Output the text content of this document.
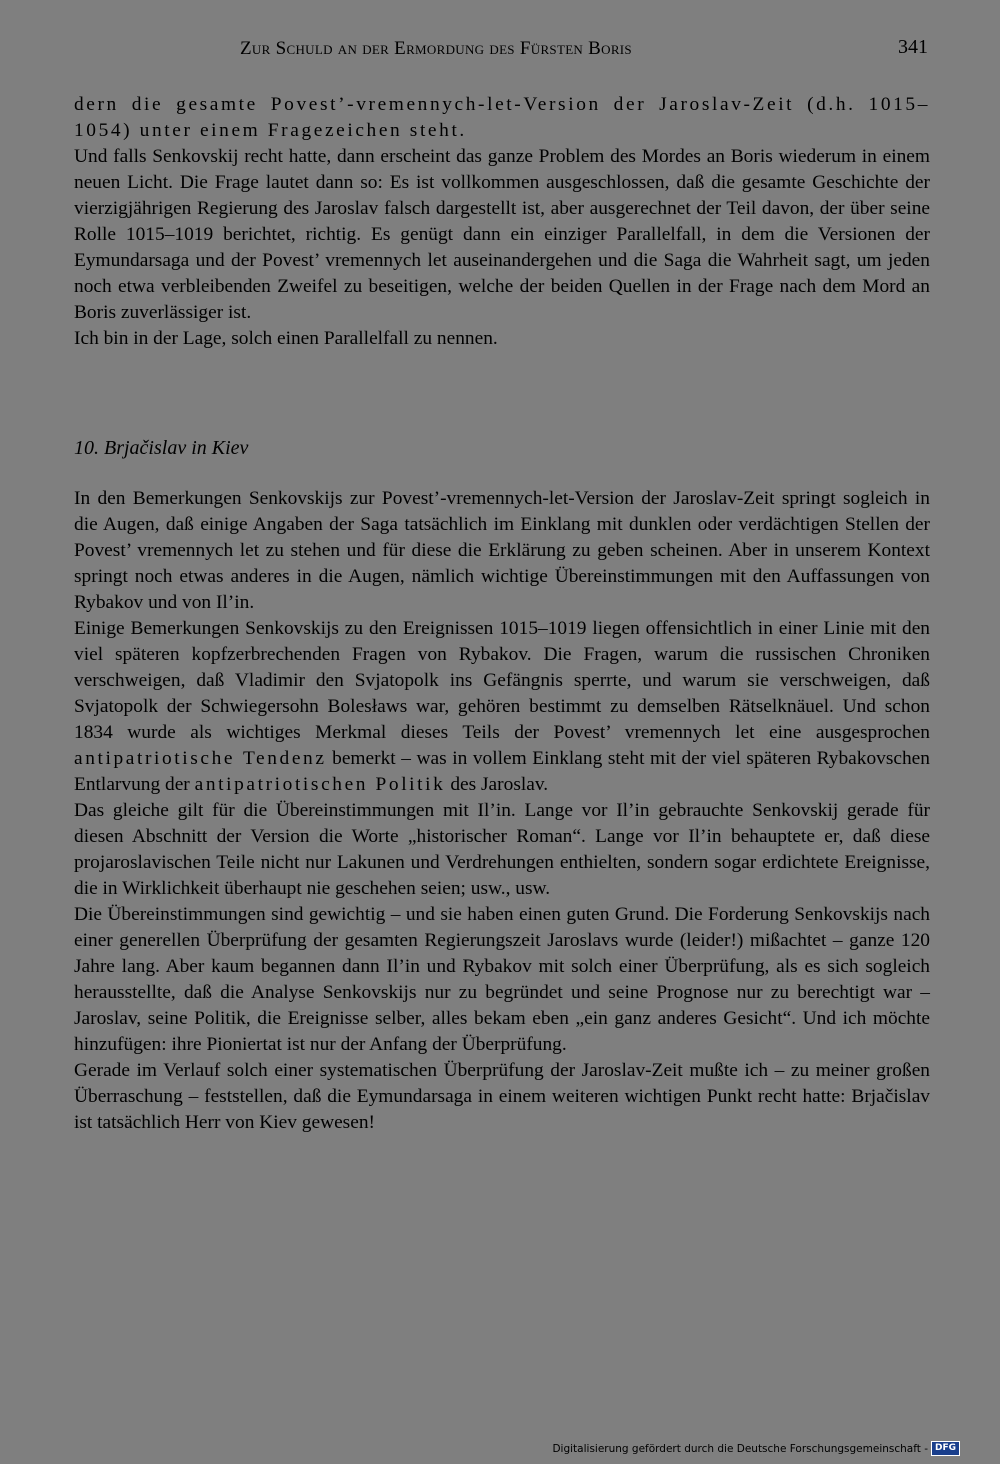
Zur Schuld an der Ermordung des Fürsten Boris	341

dern die gesamte Povest’-vremennych-let-Version der Jaroslav-Zeit (d.h. 1015–1054) unter einem Fragezeichen steht.

Und falls Senkovskij recht hatte, dann erscheint das ganze Problem des Mordes an Boris wiederum in einem neuen Licht. Die Frage lautet dann so: Es ist vollkommen ausgeschlossen, daß die gesamte Geschichte der vierzigjährigen Regierung des Jaroslav falsch dargestellt ist, aber ausgerechnet der Teil davon, der über seine Rolle 1015–1019 berichtet, richtig. Es genügt dann ein einziger Parallelfall, in dem die Versionen der Eymundarsaga und der Povest’ vremennych let auseinandergehen und die Saga die Wahrheit sagt, um jeden noch etwa verbleibenden Zweifel zu beseitigen, welche der beiden Quellen in der Frage nach dem Mord an Boris zuverlässiger ist.

Ich bin in der Lage, solch einen Parallelfall zu nennen.

10. Brjačislav in Kiev

In den Bemerkungen Senkovskijs zur Povest’-vremennych-let-Version der Jaroslav-Zeit springt sogleich in die Augen, daß einige Angaben der Saga tatsächlich im Einklang mit dunklen oder verdächtigen Stellen der Povest’ vremennych let zu stehen und für diese die Erklärung zu geben scheinen. Aber in unserem Kontext springt noch etwas anderes in die Augen, nämlich wichtige Übereinstimmungen mit den Auffassungen von Rybakov und von Il’in.

Einige Bemerkungen Senkovskijs zu den Ereignissen 1015–1019 liegen offensichtlich in einer Linie mit den viel späteren kopfzerbrechenden Fragen von Rybakov. Die Fragen, warum die russischen Chroniken verschweigen, daß Vladimir den Svjatopolk ins Gefängnis sperrte, und warum sie verschweigen, daß Svjatopolk der Schwiegersohn Bolesławs war, gehören bestimmt zu demselben Rätselknäuel. Und schon 1834 wurde als wichtiges Merkmal dieses Teils der Povest’ vremennych let eine ausgesprochen antipatriotische Tendenz bemerkt – was in vollem Einklang steht mit der viel späteren Rybakovschen Entlarvung der antipatriotischen Politik des Jaroslav.

Das gleiche gilt für die Übereinstimmungen mit Il’in. Lange vor Il’in gebrauchte Senkovskij gerade für diesen Abschnitt der Version die Worte „historischer Roman“. Lange vor Il’in behauptete er, daß diese projaroslavischen Teile nicht nur Lakunen und Verdrehungen enthielten, sondern sogar erdichtete Ereignisse, die in Wirklichkeit überhaupt nie geschehen seien; usw., usw.

Die Übereinstimmungen sind gewichtig – und sie haben einen guten Grund. Die Forderung Senkovskijs nach einer generellen Überprüfung der gesamten Regierungszeit Jaroslavs wurde (leider!) mißachtet – ganze 120 Jahre lang. Aber kaum begannen dann Il’in und Rybakov mit solch einer Überprüfung, als es sich sogleich herausstellte, daß die Analyse Senkovskijs nur zu begründet und seine Prognose nur zu berechtigt war – Jaroslav, seine Politik, die Ereignisse selber, alles bekam eben „ein ganz anderes Gesicht“. Und ich möchte hinzufügen: ihre Pioniertat ist nur der Anfang der Überprüfung.

Gerade im Verlauf solch einer systematischen Überprüfung der Jaroslav-Zeit mußte ich – zu meiner großen Überraschung – feststellen, daß die Eymundarsaga in einem weiteren wichtigen Punkt recht hatte: Brjačislav ist tatsächlich Herr von Kiev gewesen!

Digitalisierung gefördert durch die Deutsche Forschungsgemeinschaft - DFG
